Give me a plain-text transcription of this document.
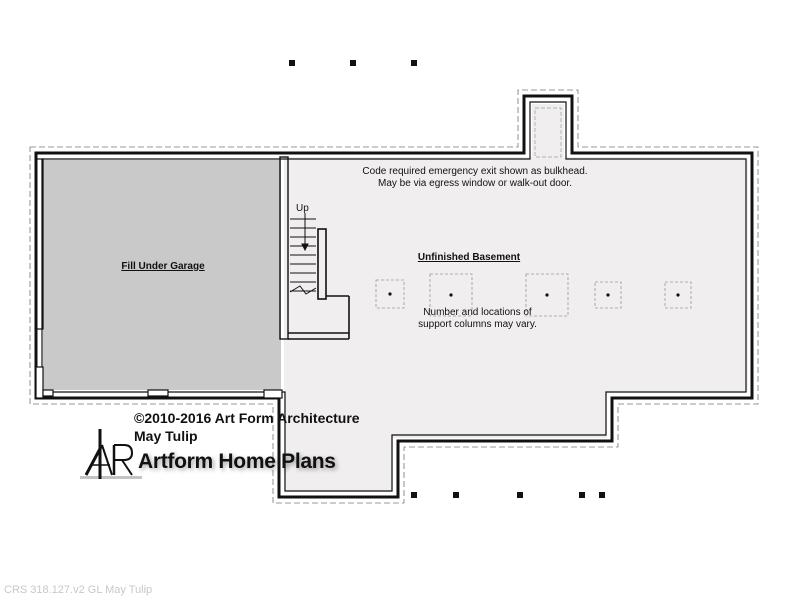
Fill Under Garage
Unfinished Basement
Code required emergency exit shown as bulkhead.
May be via egress window or walk-out door.
Number and locations of
support columns may vary.
Up
©2010-2016 Art Form Architecture
May Tulip
Artform Home Plans
CRS 318.127.v2 GL May Tulip
